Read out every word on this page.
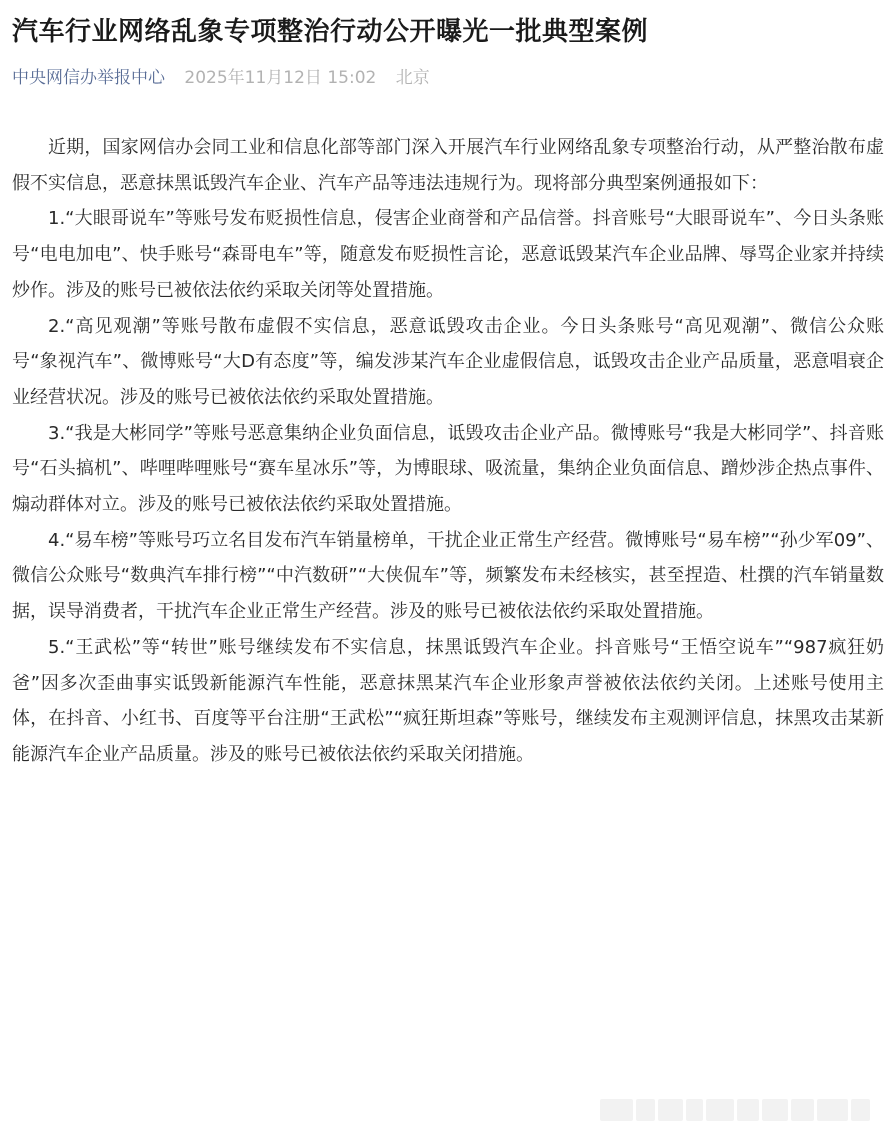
汽车行业网络乱象专项整治行动公开曝光一批典型案例
中央网信办举报中心 2025年11月12日 15:02 北京

近期，国家网信办会同工业和信息化部等部门深入开展汽车行业网络乱象专项整治行动，从严整治散布虚假不实信息，恶意抹黑诋毁汽车企业、汽车产品等违法违规行为。现将部分典型案例通报如下：

1.“大眼哥说车”等账号发布贬损性信息，侵害企业商誉和产品信誉。抖音账号“大眼哥说车”、今日头条账号“电电加电”、快手账号“森哥电车”等，随意发布贬损性言论，恶意诋毁某汽车企业品牌、辱骂企业家并持续炒作。涉及的账号已被依法依约采取关闭等处置措施。

2.“高见观潮”等账号散布虚假不实信息，恶意诋毁攻击企业。今日头条账号“高见观潮”、微信公众账号“象视汽车”、微博账号“大D有态度”等，编发涉某汽车企业虚假信息，诋毁攻击企业产品质量，恶意唱衰企业经营状况。涉及的账号已被依法依约采取处置措施。

3.“我是大彬同学”等账号恶意集纳企业负面信息，诋毁攻击企业产品。微博账号“我是大彬同学”、抖音账号“石头搞机”、哔哩哔哩账号“赛车星冰乐”等，为博眼球、吸流量，集纳企业负面信息、蹭炒涉企热点事件、煽动群体对立。涉及的账号已被依法依约采取处置措施。

4.“易车榜”等账号巧立名目发布汽车销量榜单，干扰企业正常生产经营。微博账号“易车榜”“孙少军09”、微信公众账号“数典汽车排行榜”“中汽数研”“大侠侃车”等，频繁发布未经核实，甚至捏造、杜撰的汽车销量数据，误导消费者，干扰汽车企业正常生产经营。涉及的账号已被依法依约采取处置措施。

5.“王武松”等“转世”账号继续发布不实信息，抹黑诋毁汽车企业。抖音账号“王悟空说车”“987疯狂奶爸”因多次歪曲事实诋毁新能源汽车性能，恶意抹黑某汽车企业形象声誉被依法依约关闭。上述账号使用主体，在抖音、小红书、百度等平台注册“王武松”“疯狂斯坦森”等账号，继续发布主观测评信息，抹黑攻击某新能源汽车企业产品质量。涉及的账号已被依法依约采取关闭措施。
